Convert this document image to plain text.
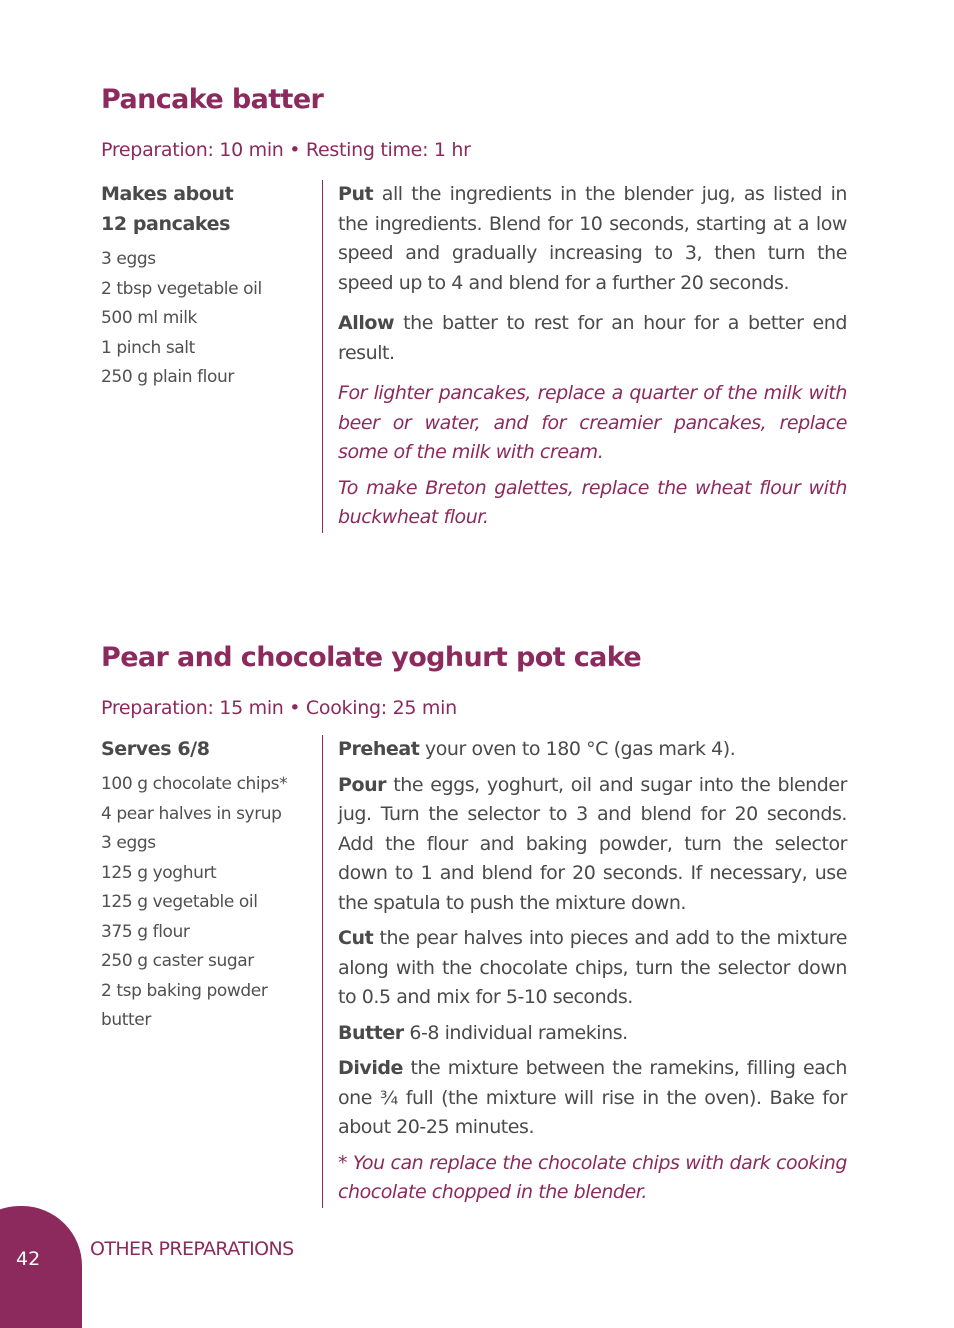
Pancake batter
Preparation: 10 min • Resting time: 1 hr
Makes about
12 pancakes
3 eggs
2 tbsp vegetable oil
500 ml milk
1 pinch salt
250 g plain flour

Put all the ingredients in the blender jug, as listed in the ingredients. Blend for 10 seconds, starting at a low speed and gradually increasing to 3, then turn the speed up to 4 and blend for a further 20 seconds.

Allow the batter to rest for an hour for a better end result.

For lighter pancakes, replace a quarter of the milk with beer or water, and for creamier pancakes, replace some of the milk with cream.

To make Breton galettes, replace the wheat flour with buckwheat flour.

Pear and chocolate yoghurt pot cake
Preparation: 15 min • Cooking: 25 min
Serves 6/8
100 g chocolate chips*
4 pear halves in syrup
3 eggs
125 g yoghurt
125 g vegetable oil
375 g flour
250 g caster sugar
2 tsp baking powder
butter

Preheat your oven to 180 °C (gas mark 4).

Pour the eggs, yoghurt, oil and sugar into the blender jug. Turn the selector to 3 and blend for 20 seconds. Add the flour and baking powder, turn the selector down to 1 and blend for 20 seconds. If necessary, use the spatula to push the mixture down.

Cut the pear halves into pieces and add to the mixture along with the chocolate chips, turn the selector down to 0.5 and mix for 5-10 seconds.

Butter 6-8 individual ramekins.

Divide the mixture between the ramekins, filling each one ¾ full (the mixture will rise in the oven). Bake for about 20-25 minutes.

* You can replace the chocolate chips with dark cooking chocolate chopped in the blender.

42	OTHER PREPARATIONS
